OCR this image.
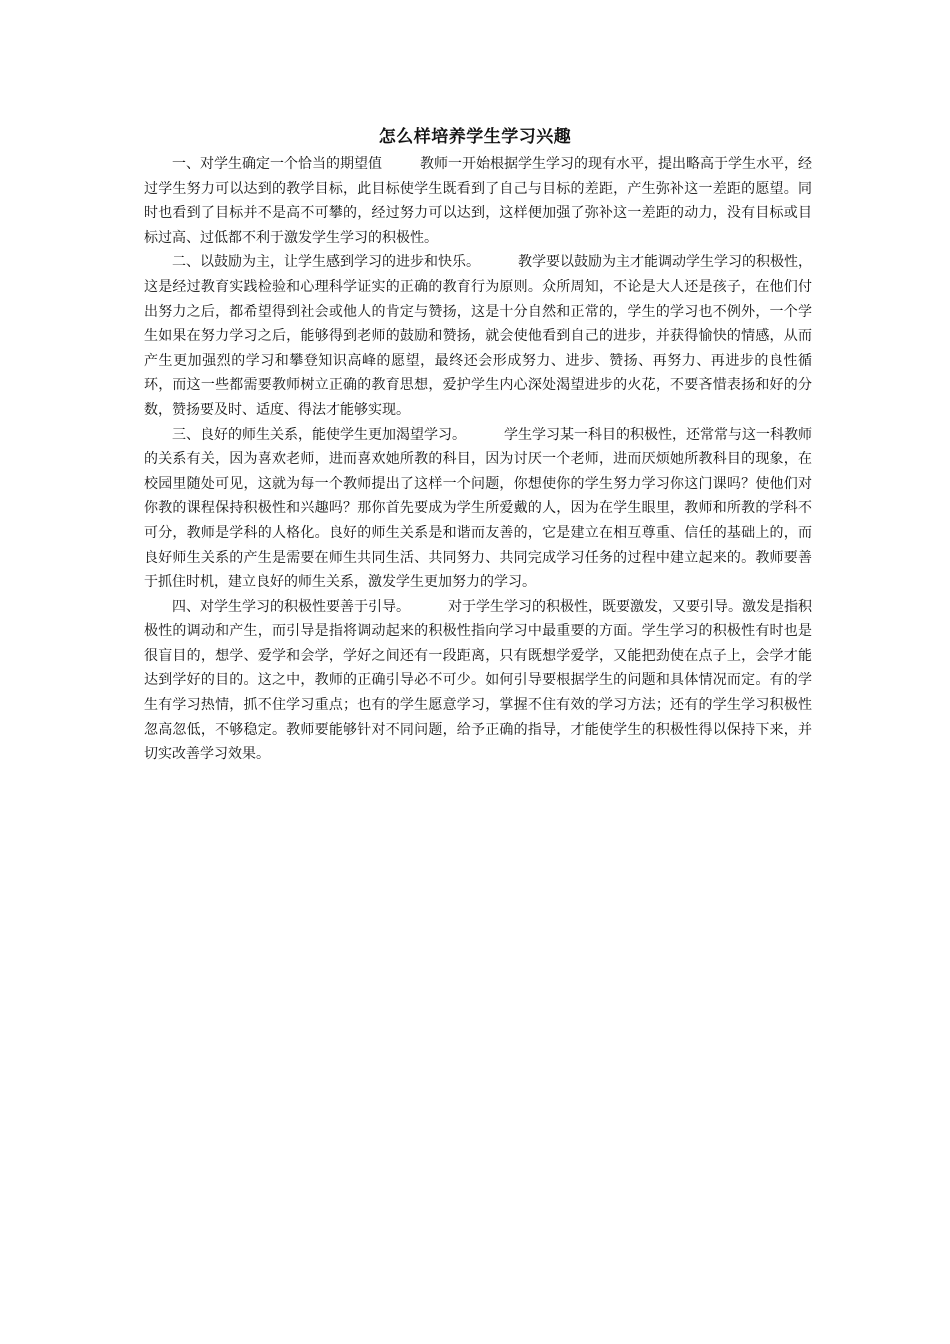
怎么样培养学生学习兴趣

一、对学生确定一个恰当的期望值	教师一开始根据学生学习的现有水平，提出略高于学生水平，经过学生努力可以达到的教学目标，此目标使学生既看到了自己与目标的差距，产生弥补这一差距的愿望。同时也看到了目标并不是高不可攀的，经过努力可以达到，这样便加强了弥补这一差距的动力，没有目标或目标过高、过低都不利于激发学生学习的积极性。

二、以鼓励为主，让学生感到学习的进步和快乐。	教学要以鼓励为主才能调动学生学习的积极性，这是经过教育实践检验和心理科学证实的正确的教育行为原则。众所周知，不论是大人还是孩子，在他们付出努力之后，都希望得到社会或他人的肯定与赞扬，这是十分自然和正常的，学生的学习也不例外，一个学生如果在努力学习之后，能够得到老师的鼓励和赞扬，就会使他看到自己的进步，并获得愉快的情感，从而产生更加强烈的学习和攀登知识高峰的愿望，最终还会形成努力、进步、赞扬、再努力、再进步的良性循环，而这一些都需要教师树立正确的教育思想，爱护学生内心深处渴望进步的火花，不要吝惜表扬和好的分数，赞扬要及时、适度、得法才能够实现。

三、良好的师生关系，能使学生更加渴望学习。	学生学习某一科目的积极性，还常常与这一科教师的关系有关，因为喜欢老师，进而喜欢她所教的科目，因为讨厌一个老师，进而厌烦她所教科目的现象，在校园里随处可见，这就为每一个教师提出了这样一个问题，你想使你的学生努力学习你这门课吗？使他们对你教的课程保持积极性和兴趣吗？那你首先要成为学生所爱戴的人，因为在学生眼里，教师和所教的学科不可分，教师是学科的人格化。良好的师生关系是和谐而友善的，它是建立在相互尊重、信任的基础上的，而良好师生关系的产生是需要在师生共同生活、共同努力、共同完成学习任务的过程中建立起来的。教师要善于抓住时机，建立良好的师生关系，激发学生更加努力的学习。

四、对学生学习的积极性要善于引导。	对于学生学习的积极性，既要激发，又要引导。激发是指积极性的调动和产生，而引导是指将调动起来的积极性指向学习中最重要的方面。学生学习的积极性有时也是很盲目的，想学、爱学和会学，学好之间还有一段距离，只有既想学爱学，又能把劲使在点子上，会学才能达到学好的目的。这之中，教师的正确引导必不可少。如何引导要根据学生的问题和具体情况而定。有的学生有学习热情，抓不住学习重点；也有的学生愿意学习，掌握不住有效的学习方法；还有的学生学习积极性忽高忽低，不够稳定。教师要能够针对不同问题，给予正确的指导，才能使学生的积极性得以保持下来，并切实改善学习效果。
